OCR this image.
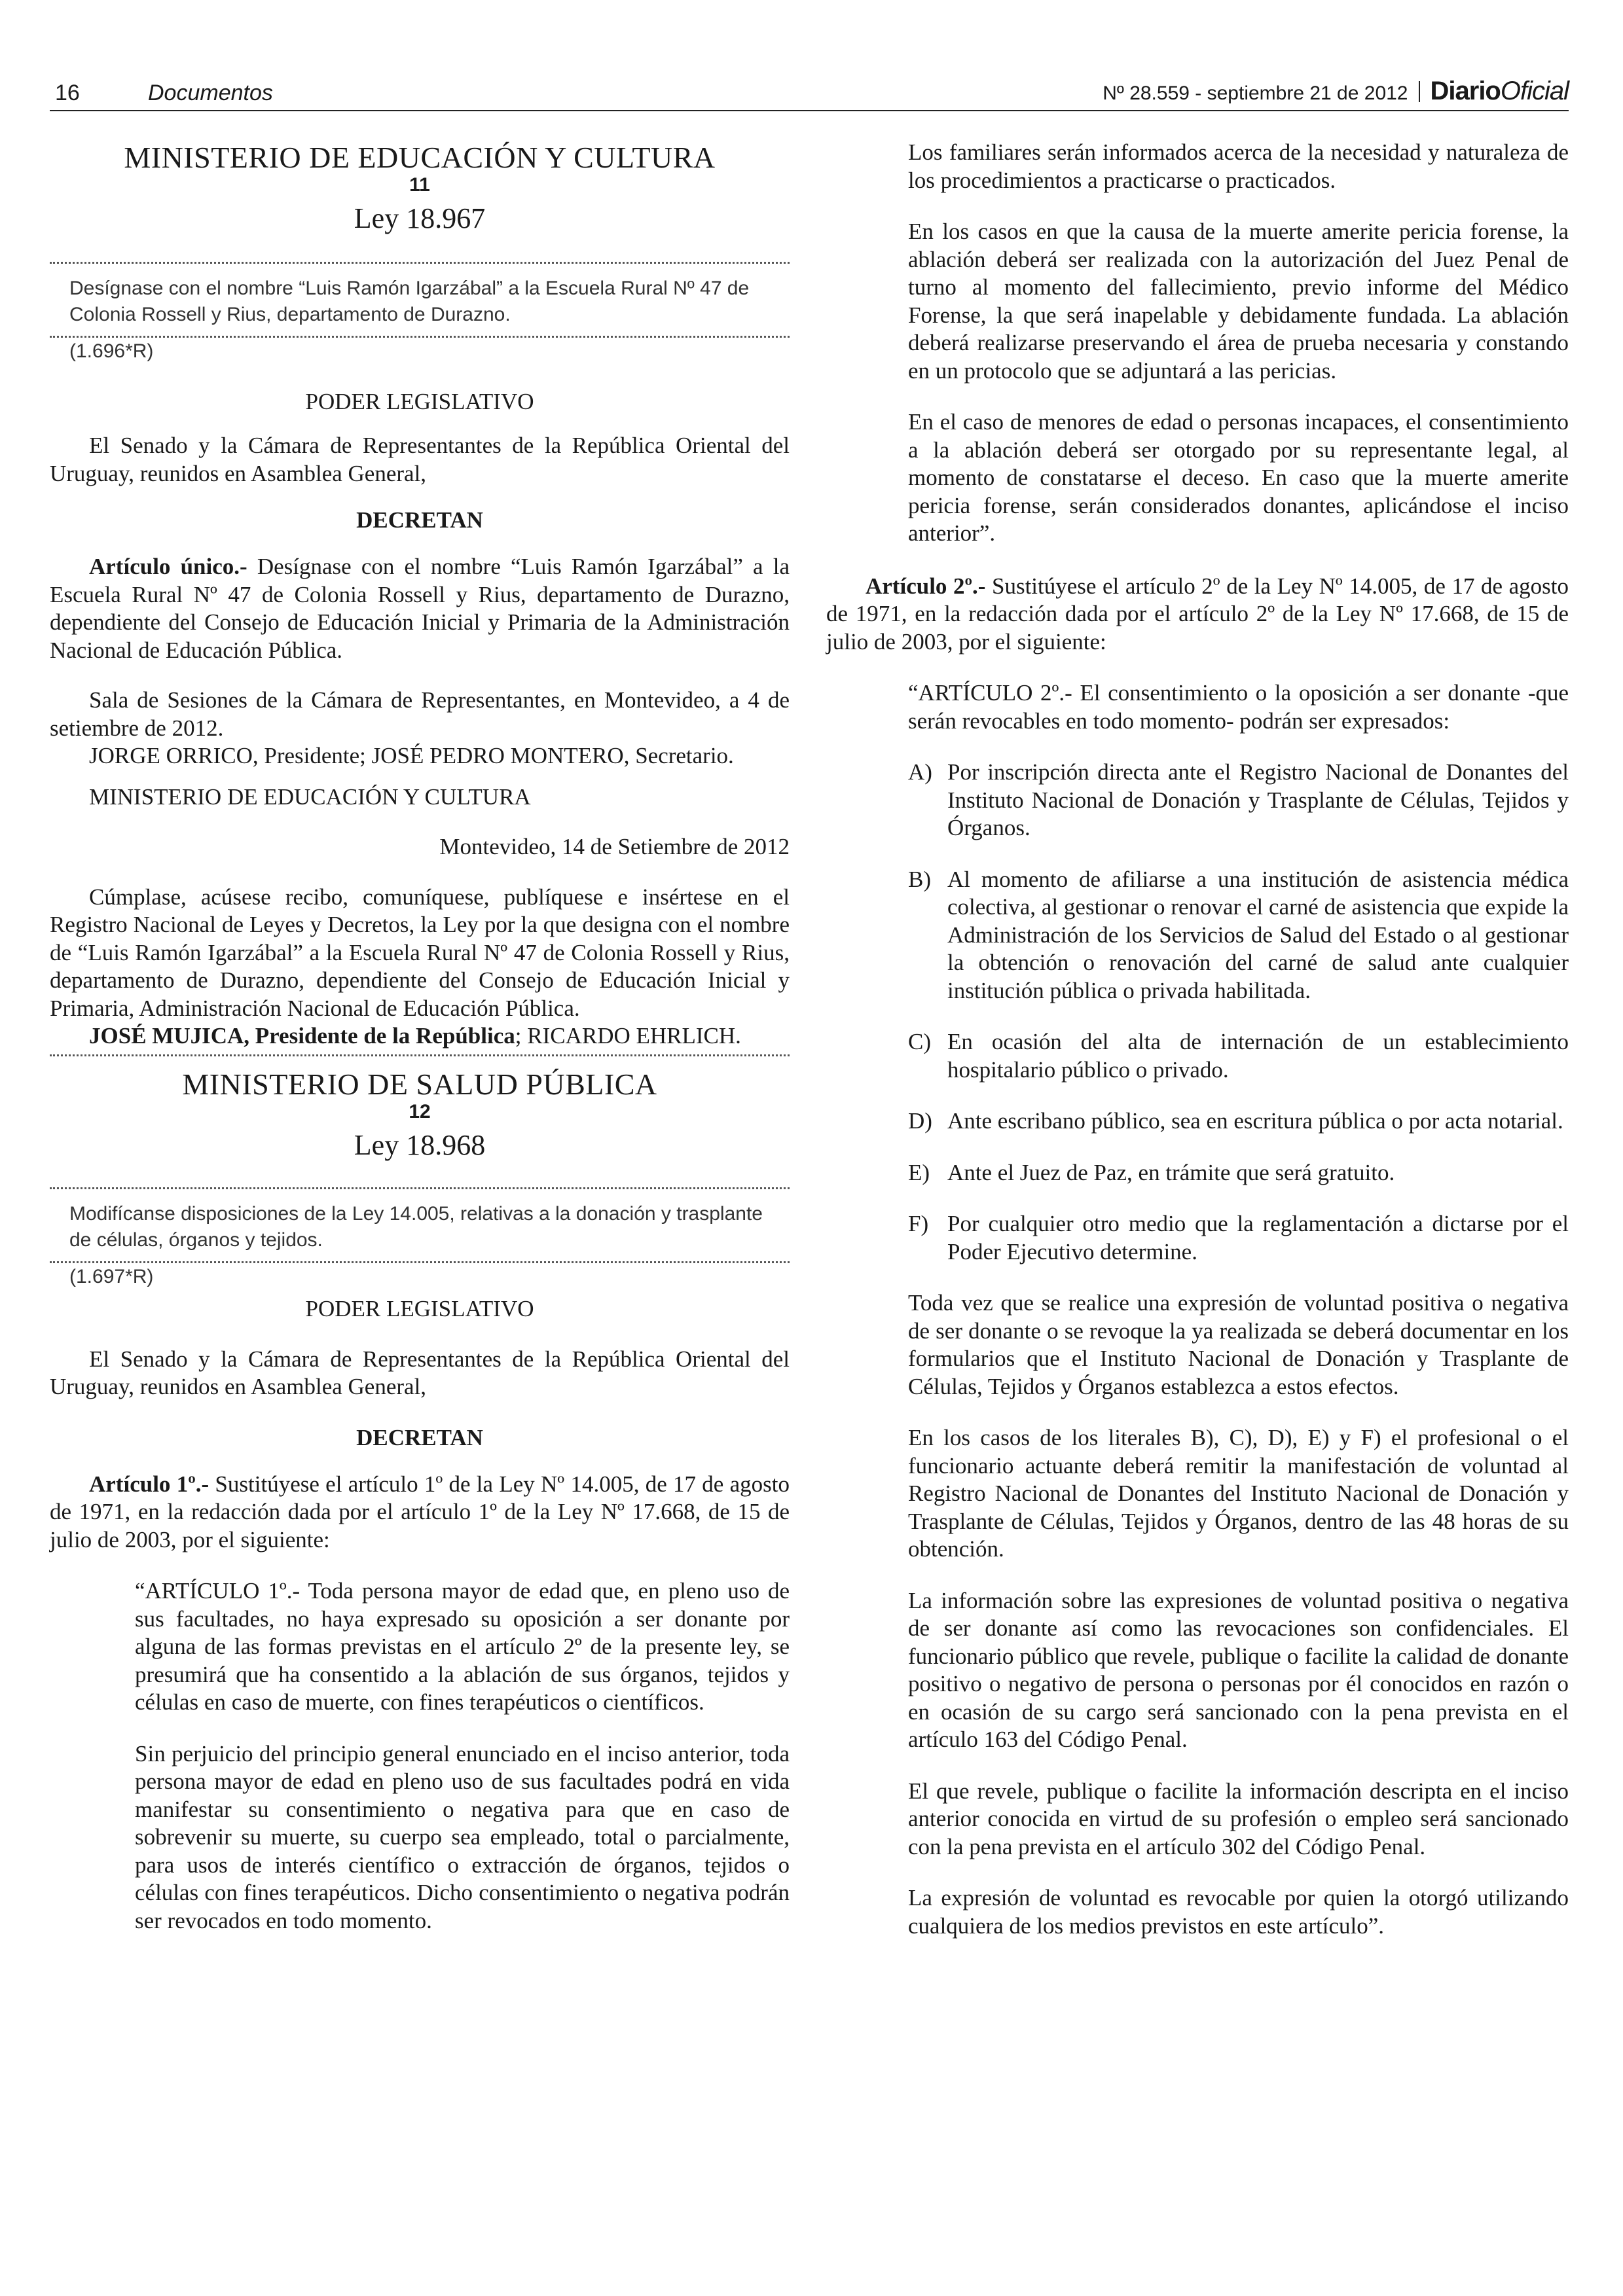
16	Documentos	Nº 28.559 - septiembre 21 de 2012 DiarioOficial

MINISTERIO DE EDUCACIÓN Y CULTURA

11

Ley 18.967

Desígnase con el nombre “Luis Ramón Igarzábal” a la Escuela Rural Nº 47 de Colonia Rossell y Rius, departamento de Durazno.

(1.696*R)

PODER LEGISLATIVO

El Senado y la Cámara de Representantes de la República Oriental del Uruguay, reunidos en Asamblea General,

DECRETAN

Artículo único.- Desígnase con el nombre “Luis Ramón Igarzábal” a la Escuela Rural Nº 47 de Colonia Rossell y Rius, departamento de Durazno, dependiente del Consejo de Educación Inicial y Primaria de la Administración Nacional de Educación Pública.

Sala de Sesiones de la Cámara de Representantes, en Montevideo, a 4 de setiembre de 2012.

JORGE ORRICO, Presidente; JOSÉ PEDRO MONTERO, Secretario.

MINISTERIO DE EDUCACIÓN Y CULTURA

Montevideo, 14 de Setiembre de 2012

Cúmplase, acúsese recibo, comuníquese, publíquese e insértese en el Registro Nacional de Leyes y Decretos, la Ley por la que designa con el nombre de “Luis Ramón Igarzábal” a la Escuela Rural Nº 47 de Colonia Rossell y Rius, departamento de Durazno, dependiente del Consejo de Educación Inicial y Primaria, Administración Nacional de Educación Pública.

JOSÉ MUJICA, Presidente de la República; RICARDO EHRLICH.

MINISTERIO DE SALUD PÚBLICA

12

Ley 18.968

Modifícanse disposiciones de la Ley 14.005, relativas a la donación y trasplante de células, órganos y tejidos.

(1.697*R)

PODER LEGISLATIVO

El Senado y la Cámara de Representantes de la República Oriental del Uruguay, reunidos en Asamblea General,

DECRETAN

Artículo 1º.- Sustitúyese el artículo 1º de la Ley Nº 14.005, de 17 de agosto de 1971, en la redacción dada por el artículo 1º de la Ley Nº 17.668, de 15 de julio de 2003, por el siguiente:

“ARTÍCULO 1º.- Toda persona mayor de edad que, en pleno uso de sus facultades, no haya expresado su oposición a ser donante por alguna de las formas previstas en el artículo 2º de la presente ley, se presumirá que ha consentido a la ablación de sus órganos, tejidos y células en caso de muerte, con fines terapéuticos o científicos.

Sin perjuicio del principio general enunciado en el inciso anterior, toda persona mayor de edad en pleno uso de sus facultades podrá en vida manifestar su consentimiento o negativa para que en caso de sobrevenir su muerte, su cuerpo sea empleado, total o parcialmente, para usos de interés científico o extracción de órganos, tejidos o células con fines terapéuticos. Dicho consentimiento o negativa podrán ser revocados en todo momento.

Los familiares serán informados acerca de la necesidad y naturaleza de los procedimientos a practicarse o practicados.

En los casos en que la causa de la muerte amerite pericia forense, la ablación deberá ser realizada con la autorización del Juez Penal de turno al momento del fallecimiento, previo informe del Médico Forense, la que será inapelable y debidamente fundada. La ablación deberá realizarse preservando el área de prueba necesaria y constando en un protocolo que se adjuntará a las pericias.

En el caso de menores de edad o personas incapaces, el consentimiento a la ablación deberá ser otorgado por su representante legal, al momento de constatarse el deceso. En caso que la muerte amerite pericia forense, serán considerados donantes, aplicándose el inciso anterior”.

Artículo 2º.- Sustitúyese el artículo 2º de la Ley Nº 14.005, de 17 de agosto de 1971, en la redacción dada por el artículo 2º de la Ley Nº 17.668, de 15 de julio de 2003, por el siguiente:

“ARTÍCULO 2º.- El consentimiento o la oposición a ser donante -que serán revocables en todo momento- podrán ser expresados:

A) Por inscripción directa ante el Registro Nacional de Donantes del Instituto Nacional de Donación y Trasplante de Células, Tejidos y Órganos.
B) Al momento de afiliarse a una institución de asistencia médica colectiva, al gestionar o renovar el carné de asistencia que expide la Administración de los Servicios de Salud del Estado o al gestionar la obtención o renovación del carné de salud ante cualquier institución pública o privada habilitada.
C) En ocasión del alta de internación de un establecimiento hospitalario público o privado.
D) Ante escribano público, sea en escritura pública o por acta notarial.
E) Ante el Juez de Paz, en trámite que será gratuito.
F) Por cualquier otro medio que la reglamentación a dictarse por el Poder Ejecutivo determine.

Toda vez que se realice una expresión de voluntad positiva o negativa de ser donante o se revoque la ya realizada se deberá documentar en los formularios que el Instituto Nacional de Donación y Trasplante de Células, Tejidos y Órganos establezca a estos efectos.

En los casos de los literales B), C), D), E) y F) el profesional o el funcionario actuante deberá remitir la manifestación de voluntad al Registro Nacional de Donantes del Instituto Nacional de Donación y Trasplante de Células, Tejidos y Órganos, dentro de las 48 horas de su obtención.

La información sobre las expresiones de voluntad positiva o negativa de ser donante así como las revocaciones son confidenciales. El funcionario público que revele, publique o facilite la calidad de donante positivo o negativo de persona o personas por él conocidos en razón o en ocasión de su cargo será sancionado con la pena prevista en el artículo 163 del Código Penal.

El que revele, publique o facilite la información descripta en el inciso anterior conocida en virtud de su profesión o empleo será sancionado con la pena prevista en el artículo 302 del Código Penal.

La expresión de voluntad es revocable por quien la otorgó utilizando cualquiera de los medios previstos en este artículo”.
